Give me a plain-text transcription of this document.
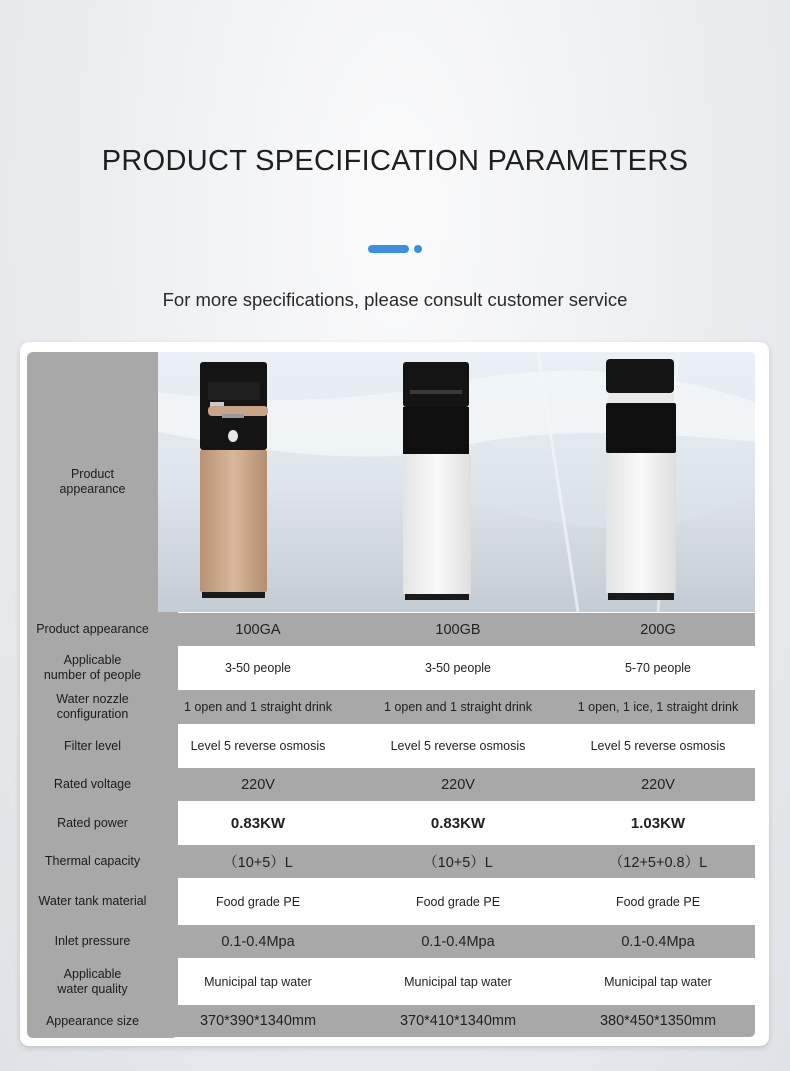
PRODUCT SPECIFICATION PARAMETERS
For more specifications, please consult customer service
Product
appearance
Product appearance	100GA	100GB	200G
Applicable
number of people	3-50 people	3-50 people	5-70 people
Water nozzle
configuration	1 open and 1 straight drink	1 open and 1 straight drink	1 open, 1 ice, 1 straight drink
Filter level	Level 5 reverse osmosis	Level 5 reverse osmosis	Level 5 reverse osmosis
Rated voltage	220V	220V	220V
Rated power	0.83KW	0.83KW	1.03KW
Thermal capacity	（10+5）L	（10+5）L	（12+5+0.8）L
Water tank material	Food grade PE	Food grade PE	Food grade PE
Inlet pressure	0.1-0.4Mpa	0.1-0.4Mpa	0.1-0.4Mpa
Applicable
water quality	Municipal tap water	Municipal tap water	Municipal tap water
Appearance size	370*390*1340mm	370*410*1340mm	380*450*1350mm
